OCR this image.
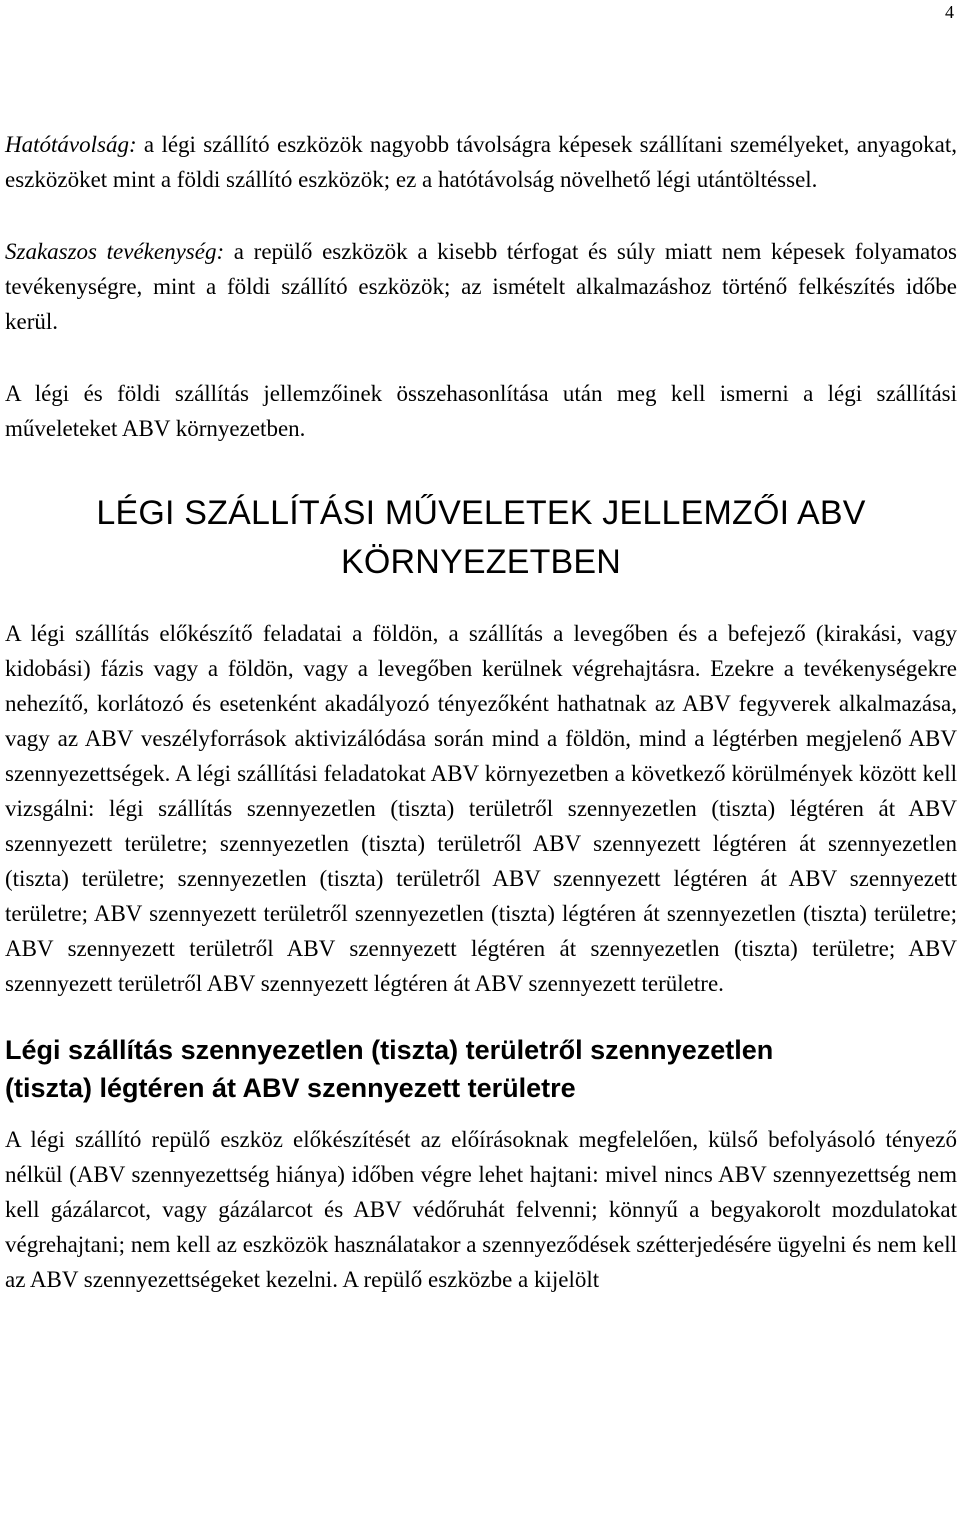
4

Hatótávolság: a légi szállító eszközök nagyobb távolságra képesek szállítani személyeket, anyagokat, eszközöket mint a földi szállító eszközök; ez a hatótávolság növelhető légi utántöltéssel.

Szakaszos tevékenység: a repülő eszközök a kisebb térfogat és súly miatt nem képesek folyamatos tevékenységre, mint a földi szállító eszközök; az ismételt alkalmazáshoz történő felkészítés időbe kerül.

A légi és földi szállítás jellemzőinek összehasonlítása után meg kell ismerni a légi szállítási műveleteket ABV környezetben.

LÉGI SZÁLLÍTÁSI MŰVELETEK JELLEMZŐI ABV
KÖRNYEZETBEN

A légi szállítás előkészítő feladatai a földön, a szállítás a levegőben és a befejező (kirakási, vagy kidobási) fázis vagy a földön, vagy a levegőben kerülnek végrehajtásra. Ezekre a tevékenységekre nehezítő, korlátozó és esetenként akadályozó tényezőként hathatnak az ABV fegyverek alkalmazása, vagy az ABV veszélyforrások aktivizálódása során mind a földön, mind a légtérben megjelenő ABV szennyezettségek. A légi szállítási feladatokat ABV környezetben a következő körülmények között kell vizsgálni: légi szállítás szennyezetlen (tiszta) területről szennyezetlen (tiszta) légtéren át ABV szennyezett területre; szennyezetlen (tiszta) területről ABV szennyezett légtéren át szennyezetlen (tiszta) területre; szennyezetlen (tiszta) területről ABV szennyezett légtéren át ABV szennyezett területre; ABV szennyezett területről szennyezetlen (tiszta) légtéren át szennyezetlen (tiszta) területre; ABV szennyezett területről ABV szennyezett légtéren át szennyezetlen (tiszta) területre; ABV szennyezett területről ABV szennyezett légtéren át ABV szennyezett területre.

Légi szállítás szennyezetlen (tiszta) területről szennyezetlen
(tiszta) légtéren át ABV szennyezett területre

A légi szállító repülő eszköz előkészítését az előírásoknak megfelelően, külső befolyásoló tényező nélkül (ABV szennyezettség hiánya) időben végre lehet hajtani: mivel nincs ABV szennyezettség nem kell gázálarcot, vagy gázálarcot és ABV védőruhát felvenni; könnyű a begyakorolt mozdulatokat végrehajtani; nem kell az eszközök használatakor a szennyeződések szétterjedésére ügyelni és nem kell az ABV szennyezettségeket kezelni. A repülő eszközbe a kijelölt
